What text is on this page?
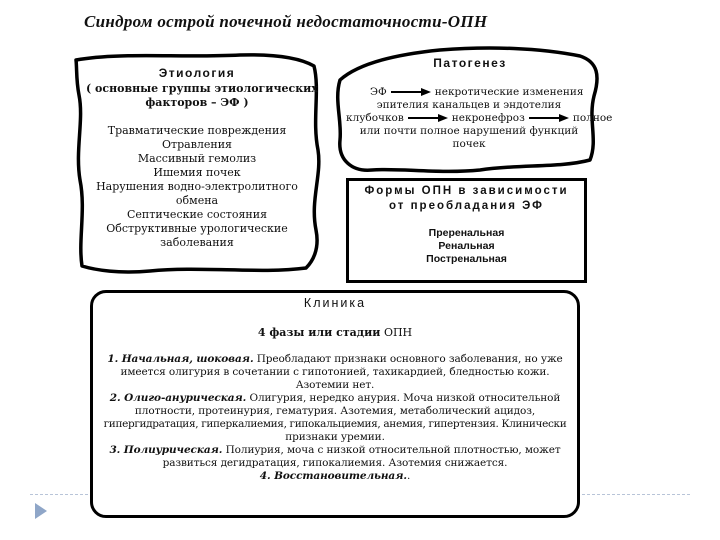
Синдром острой почечной недостаточности-ОПН
Этиология
( основные группы этиологических
факторов – ЭФ )
Травматические повреждения
Отравления
Массивный гемолиз
Ишемия почек
Нарушения водно-электролитного
обмена
Септические состояния
Обструктивные урологические
заболевания
Патогенез
ЭФ	некротические изменения
эпителия канальцев и эндотелия
клубочков	некронефроз	полное
или почти полное нарушений функций
почек
Формы ОПН в зависимости
от преобладания ЭФ
Преренальная
Ренальная
Постренальная
Клиника
4 фазы или стадии ОПН
1. Начальная, шоковая. Преобладают признаки основного заболевания, но уже
имеется олигурия в сочетании с гипотонией, тахикардией, бледностью кожи.
Азотемии нет.
2. Олиго-анурическая. Олигурия, нередко анурия. Моча низкой относительной
плотности, протеинурия, гематурия. Азотемия, метаболический ацидоз,
гипергидратация, гиперкалиемия, гипокальциемия, анемия, гипертензия. Клинически
признаки уремии.
3. Полиурическая. Полиурия, моча с низкой относительной плотностью, может
развиться дегидратация, гипокалиемия. Азотемия снижается.
4. Восстановительная..
